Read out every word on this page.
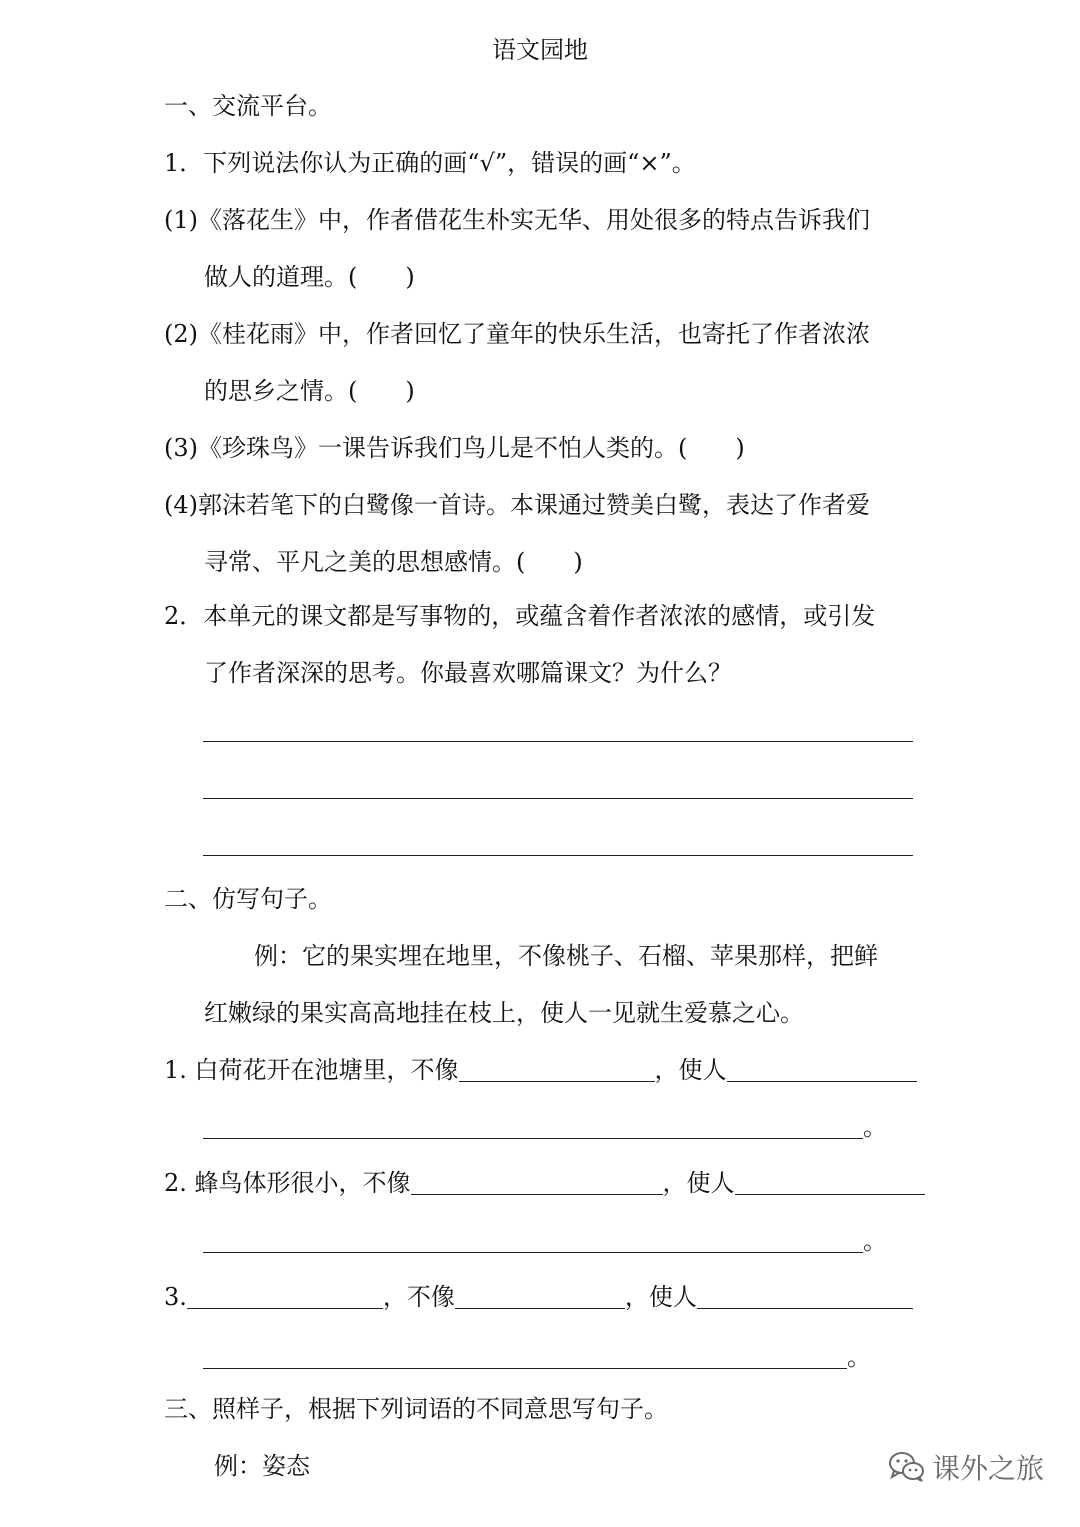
语文园地
一、交流平台。
1．下列说法你认为正确的画“√”，错误的画“×”。
(1)《落花生》中，作者借花生朴实无华、用处很多的特点告诉我们
做人的道理。(　　)
(2)《桂花雨》中，作者回忆了童年的快乐生活，也寄托了作者浓浓
的思乡之情。(　　)
(3)《珍珠鸟》一课告诉我们鸟儿是不怕人类的。(　　)
(4)郭沫若笔下的白鹭像一首诗。本课通过赞美白鹭，表达了作者爱
寻常、平凡之美的思想感情。(　　)
2．本单元的课文都是写事物的，或蕴含着作者浓浓的感情，或引发
了作者深深的思考。你最喜欢哪篇课文？为什么？
二、仿写句子。
例：它的果实埋在地里，不像桃子、石榴、苹果那样，把鲜
红嫩绿的果实高高地挂在枝上，使人一见就生爱慕之心。
1. 白荷花开在池塘里，不像	，使人
。
2. 蜂鸟体形很小，不像	，使人
。
3.	，不像	，使人
。
三、照样子，根据下列词语的不同意思写句子。
例：姿态	课外之旅
